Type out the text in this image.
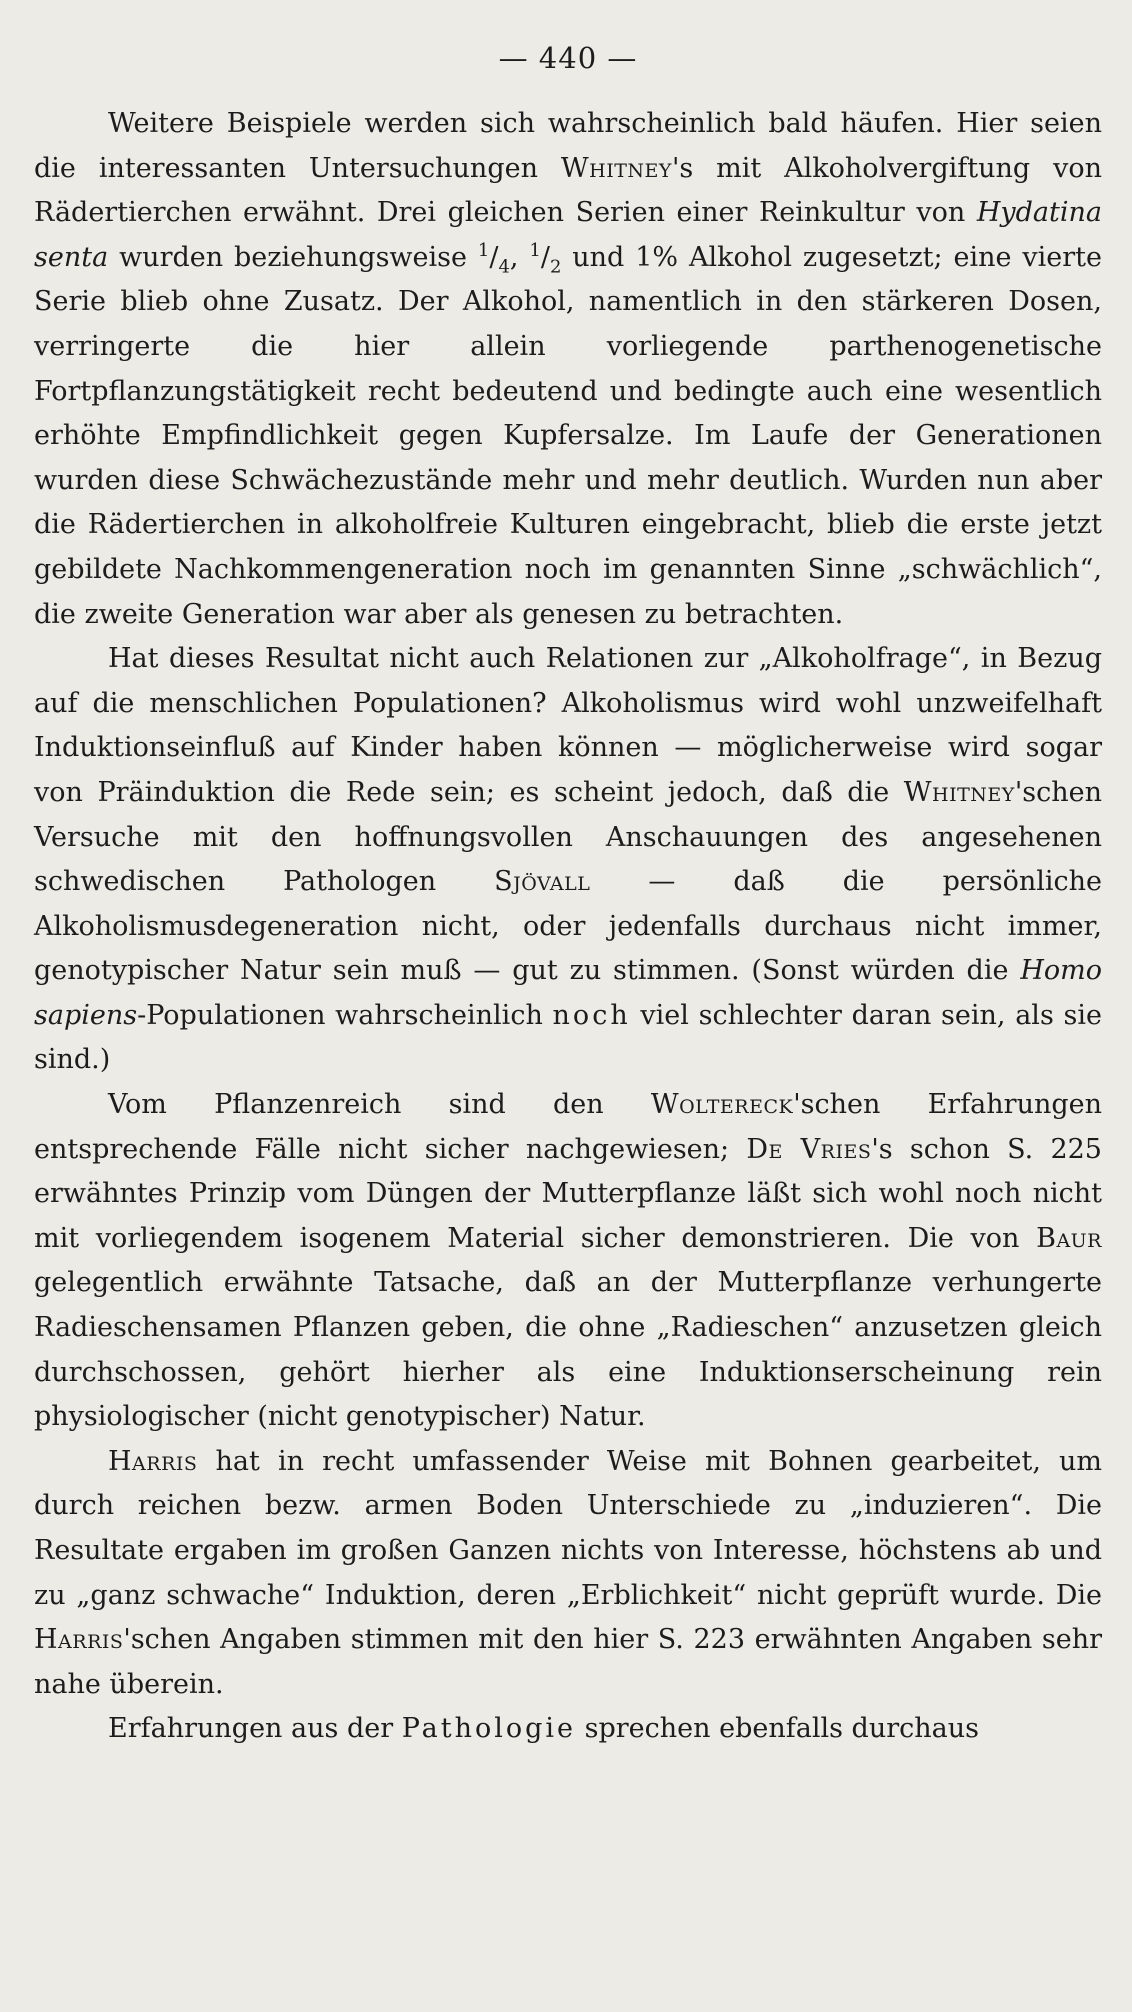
— 440 —

Weitere Beispiele werden sich wahrscheinlich bald häufen. Hier seien die interessanten Untersuchungen Whitney's mit Alkoholvergiftung von Rädertierchen erwähnt. Drei gleichen Serien einer Reinkultur von Hydatina senta wurden beziehungsweise $^1/_4$, $^1/_2$ und 1% Alkohol zugesetzt; eine vierte Serie blieb ohne Zusatz. Der Alkohol, namentlich in den stärkeren Dosen, verringerte die hier allein vorliegende parthenogenetische Fortpflanzungstätigkeit recht bedeutend und bedingte auch eine wesentlich erhöhte Empfindlichkeit gegen Kupfersalze. Im Laufe der Generationen wurden diese Schwächezustände mehr und mehr deutlich. Wurden nun aber die Rädertierchen in alkoholfreie Kulturen eingebracht, blieb die erste jetzt gebildete Nachkommengeneration noch im genannten Sinne „schwächlich“, die zweite Generation war aber als genesen zu betrachten.

Hat dieses Resultat nicht auch Relationen zur „Alkoholfrage“, in Bezug auf die menschlichen Populationen? Alkoholismus wird wohl unzweifelhaft Induktionseinfluß auf Kinder haben können — möglicherweise wird sogar von Präinduktion die Rede sein; es scheint jedoch, daß die Whitney'schen Versuche mit den hoffnungsvollen Anschauungen des angesehenen schwedischen Pathologen Sjövall — daß die persönliche Alkoholismusdegeneration nicht, oder jedenfalls durchaus nicht immer, genotypischer Natur sein muß — gut zu stimmen. (Sonst würden die Homo sapiens-Populationen wahrscheinlich noch viel schlechter daran sein, als sie sind.)

Vom Pflanzenreich sind den Woltereck'schen Erfahrungen entsprechende Fälle nicht sicher nachgewiesen; De Vries's schon S. 225 erwähntes Prinzip vom Düngen der Mutterpflanze läßt sich wohl noch nicht mit vorliegendem isogenem Material sicher demonstrieren. Die von Baur gelegentlich erwähnte Tatsache, daß an der Mutterpflanze verhungerte Radieschensamen Pflanzen geben, die ohne „Radieschen“ anzusetzen gleich durchschossen, gehört hierher als eine Induktionserscheinung rein physiologischer (nicht genotypischer) Natur.

Harris hat in recht umfassender Weise mit Bohnen gearbeitet, um durch reichen bezw. armen Boden Unterschiede zu „induzieren“. Die Resultate ergaben im großen Ganzen nichts von Interesse, höchstens ab und zu „ganz schwache“ Induktion, deren „Erblichkeit“ nicht geprüft wurde. Die Harris'schen Angaben stimmen mit den hier S. 223 erwähnten Angaben sehr nahe überein.

Erfahrungen aus der Pathologie sprechen ebenfalls durchaus
